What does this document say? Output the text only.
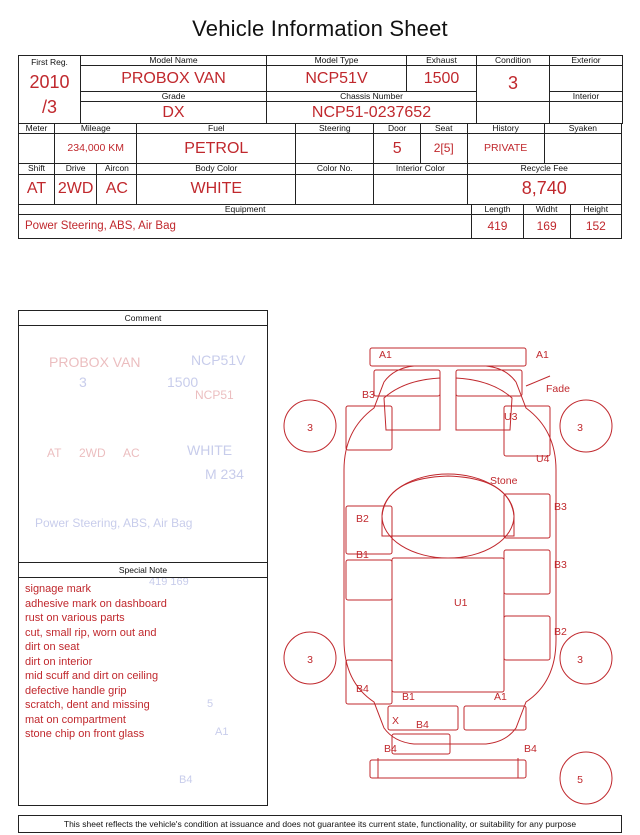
Vehicle Information Sheet
First Reg.
2010
/3	Model Name	Model Type	Exhaust	Condition	Exterior
	PROBOX VAN	NCP51V	1500	3	
	Grade	Chassis Number			Interior
	DX	NCP51-0237652			
Meter	Mileage	Fuel	Steering	Door	Seat	History	Syaken
	234,000 KM	PETROL		5	2[5]	PRIVATE	
Shift	Drive	Aircon	Body Color	Color No.	Interior Color	Recycle Fee
AT	2WD	AC	WHITE			8,740
Equipment	Length	Widht	Height
Power Steering, ABS, Air Bag	419	169	152
Comment
PROBOX VAN	NCP51V
3	1500
NCP51
AT 2WD AC	WHITE
M 234
Power Steering, ABS, Air Bag
Special Note
signage mark
adhesive mark on dashboard
rust on various parts
cut, small rip, worn out and
dirt on seat
dirt on interior
mid scuff and dirt on ceiling
defective handle grip
scratch, dent and missing
mat on compartment
stone chip on front glass
419 169
5
A1
B4
A1	A1
B3	Fade
U3
U4
Stone
B3
B2
B1
B3
U1
B2
B4
B1	A1
X B4
B4	B4
3	3
3	3
5
This sheet reflects the vehicle's condition at issuance and does not guarantee its current state, functionality, or suitability for any purpose
